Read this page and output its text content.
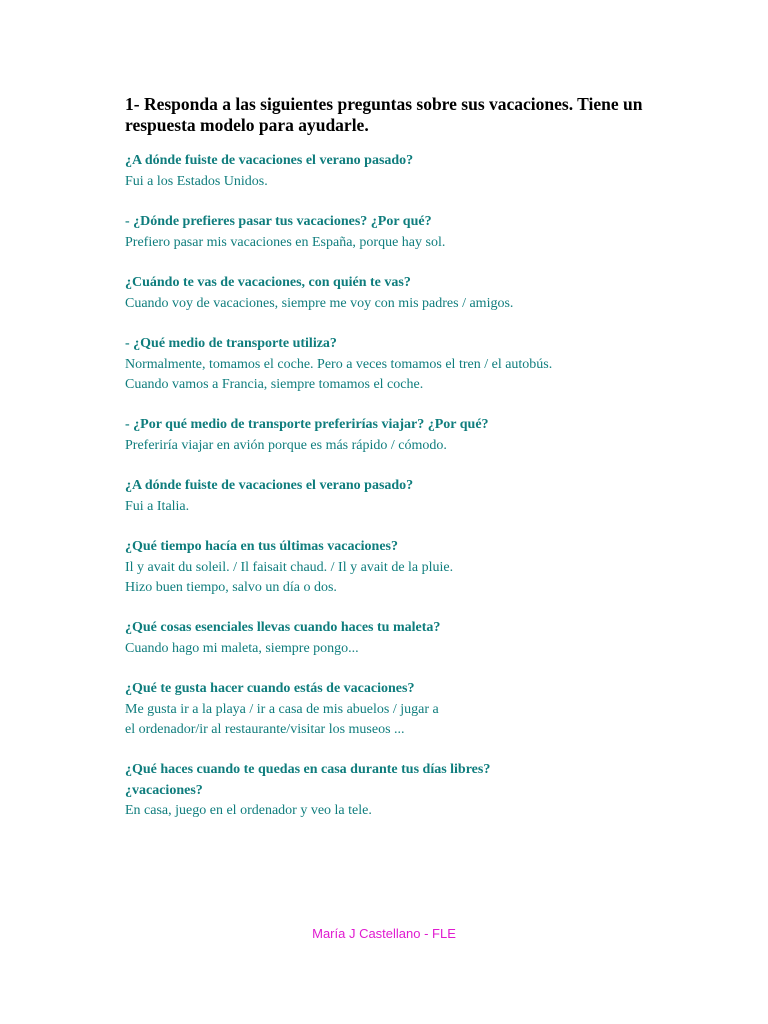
1- Responda a las siguientes preguntas sobre sus vacaciones. Tiene un respuesta modelo para ayudarle.
¿A dónde fuiste de vacaciones el verano pasado?
Fui a los Estados Unidos.
- ¿Dónde prefieres pasar tus vacaciones? ¿Por qué?
Prefiero pasar mis vacaciones en España, porque hay sol.
¿Cuándo te vas de vacaciones, con quién te vas?
Cuando voy de vacaciones, siempre me voy con mis padres / amigos.
- ¿Qué medio de transporte utiliza?
Normalmente, tomamos el coche. Pero a veces tomamos el tren / el autobús.
Cuando vamos a Francia, siempre tomamos el coche.
- ¿Por qué medio de transporte preferirías viajar? ¿Por qué?
Preferiría viajar en avión porque es más rápido / cómodo.
¿A dónde fuiste de vacaciones el verano pasado?
Fui a Italia.
¿Qué tiempo hacía en tus últimas vacaciones?
Il y avait du soleil. / Il faisait chaud. / Il y avait de la pluie.
Hizo buen tiempo, salvo un día o dos.
¿Qué cosas esenciales llevas cuando haces tu maleta?
Cuando hago mi maleta, siempre pongo...
¿Qué te gusta hacer cuando estás de vacaciones?
Me gusta ir a la playa / ir a casa de mis abuelos / jugar a
el ordenador/ir al restaurante/visitar los museos ...
¿Qué haces cuando te quedas en casa durante tus días libres?
¿vacaciones?
En casa, juego en el ordenador y veo la tele.
María J Castellano - FLE
